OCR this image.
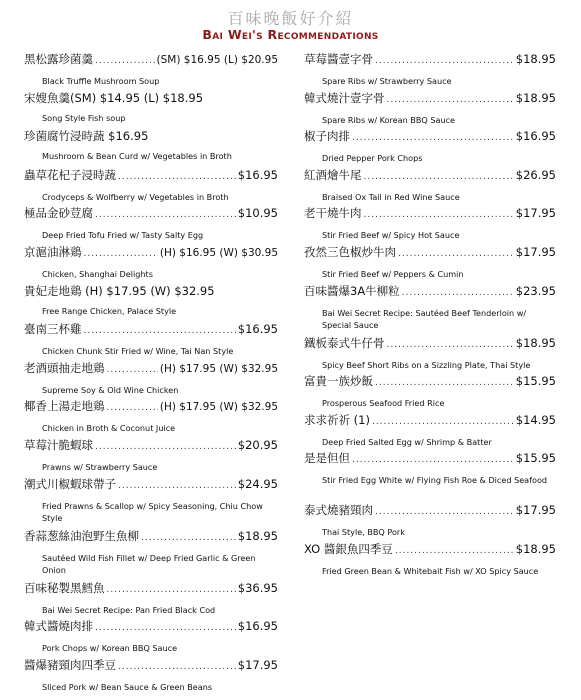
百味晚飯好介紹
Bai Wei's Recommendations
黑松露珍菌羹 .....	(SM) $16.95 (L) $20.95
Black Truffle Mushroom Soup
宋嫂魚羹(SM) $14.95 (L) $18.95
Song Style Fish soup
珍菌腐竹浸時蔬 $16.95
Mushroom & Bean Curd w/ Vegetables in Broth
蟲草花杞子浸時蔬 .....	$16.95
Crodyceps & Wolfberry w/ Vegetables in Broth
極品金砂荳腐 .....	$10.95
Deep Fried Tofu Fried w/ Tasty Salty Egg
京滬油淋鶏 .....	(H) $16.95 (W) $30.95
Chicken, Shanghai Delights
貴妃走地鶏 (H) $17.95 (W) $32.95
Free Range Chicken, Palace Style
臺南三杯雞 .....	$16.95
Chicken Chunk Stir Fried w/ Wine, Tai Nan Style
老酒頭抽走地鶏 .....	(H) $17.95 (W) $32.95
Supreme Soy & Old Wine Chicken
椰香上湯走地鶏 .....	(H) $17.95 (W) $32.95
Chicken in Broth & Coconut Juice
草莓汁脆蝦球 .....	$20.95
Prawns w/ Strawberry Sauce
潮式川椒蝦球帶子 .....	$24.95
Fried Prawns & Scallop w/ Spicy Seasoning, Chiu Chow Style
香蒜葱絲油泡野生魚柳 .....	$18.95
Sautéed Wild Fish Fillet w/ Deep Fried Garlic & Green Onion
百味秘製黑鱈魚 .....	$36.95
Bai Wei Secret Recipe: Pan Fried Black Cod
韓式醬燒肉排 .....	$16.95
Pork Chops w/ Korean BBQ Sauce
醬爆豬頸肉四季豆 .....	$17.95
Sliced Pork w/ Bean Sauce & Green Beans
草莓醬壹字骨 .....	$18.95
Spare Ribs w/ Strawberry Sauce
韓式燒汁壹字骨 .....	$18.95
Spare Ribs w/ Korean BBQ Sauce
椒子肉排 .....	$16.95
Dried Pepper Pork Chops
紅酒燴牛尾 .....	$26.95
Braised Ox Tail in Red Wine Sauce
老干燒牛肉 .....	$17.95
Stir Fried Beef w/ Spicy Hot Sauce
孜然三色椒炒牛肉 .....	$17.95
Stir Fried Beef w/ Peppers & Cumin
百味醬爆3A牛柳粒 .....	$23.95
Bai Wei Secret Recipe: Sautéed Beef Tenderloin w/ Special Sauce
鐵板泰式牛仔骨 .....	$18.95
Spicy Beef Short Ribs on a Sizzling Plate, Thai Style
富貴一族炒飯 .....	$15.95
Prosperous Seafood Fried Rice
求求祈祈 (1) .....	$14.95
Deep Fried Salted Egg w/ Shrimp & Batter
是是但但 .....	$15.95
Stir Fried Egg White w/ Flying Fish Roe & Diced Seafood
泰式燒豬頸肉 .....	$17.95
Thai Style, BBQ Pork
XO 醬銀魚四季豆 .....	$18.95
Fried Green Bean & Whitebait Fish w/ XO Spicy Sauce
